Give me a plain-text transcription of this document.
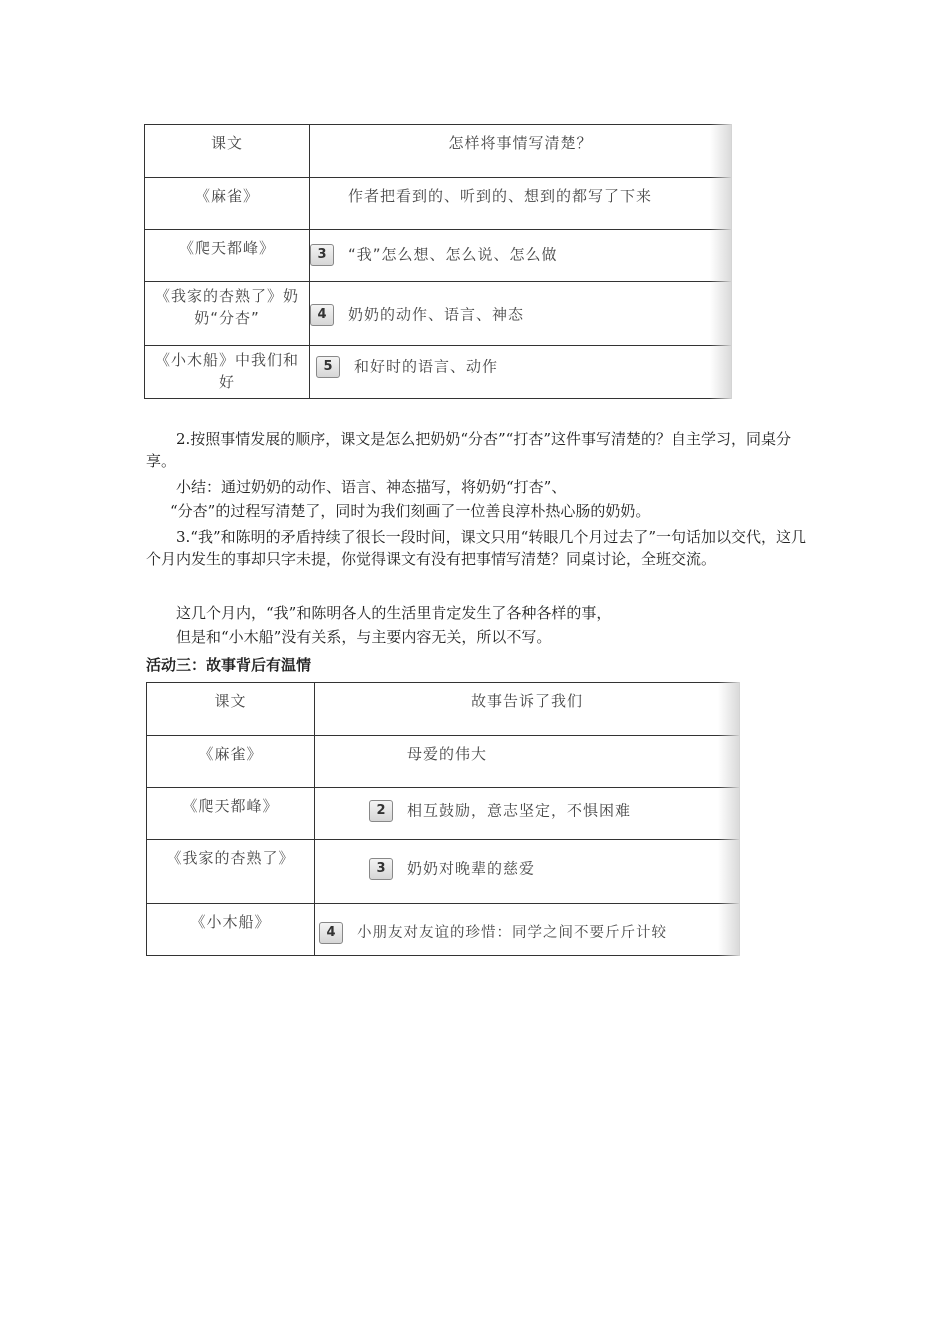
课文	怎样将事情写清楚？
《麻雀》	作者把看到的、听到的、想到的都写了下来
《爬天都峰》	3 “我”怎么想、怎么说、怎么做
《我家的杏熟了》奶奶“分杏”	4 奶奶的动作、语言、神态
《小木船》中我们和好	5 和好时的语言、动作

2.按照事情发展的顺序，课文是怎么把奶奶“分杏”“打杏”这件事写清楚的？自主学习，同桌分享。

小结：通过奶奶的动作、语言、神态描写，将奶奶“打杏”、

“分杏”的过程写清楚了，同时为我们刻画了一位善良淳朴热心肠的奶奶。

3.“我”和陈明的矛盾持续了很长一段时间，课文只用“转眼几个月过去了”一句话加以交代，这几个月内发生的事却只字未提，你觉得课文有没有把事情写清楚？同桌讨论，全班交流。

这几个月内，“我”和陈明各人的生活里肯定发生了各种各样的事，

但是和“小木船”没有关系，与主要内容无关，所以不写。

活动三：故事背后有温情
课文	故事告诉了我们
《麻雀》	母爱的伟大
《爬天都峰》	2 相互鼓励，意志坚定，不惧困难
《我家的杏熟了》	3 奶奶对晚辈的慈爱
《小木船》	4 小朋友对友谊的珍惜：同学之间不要斤斤计较
